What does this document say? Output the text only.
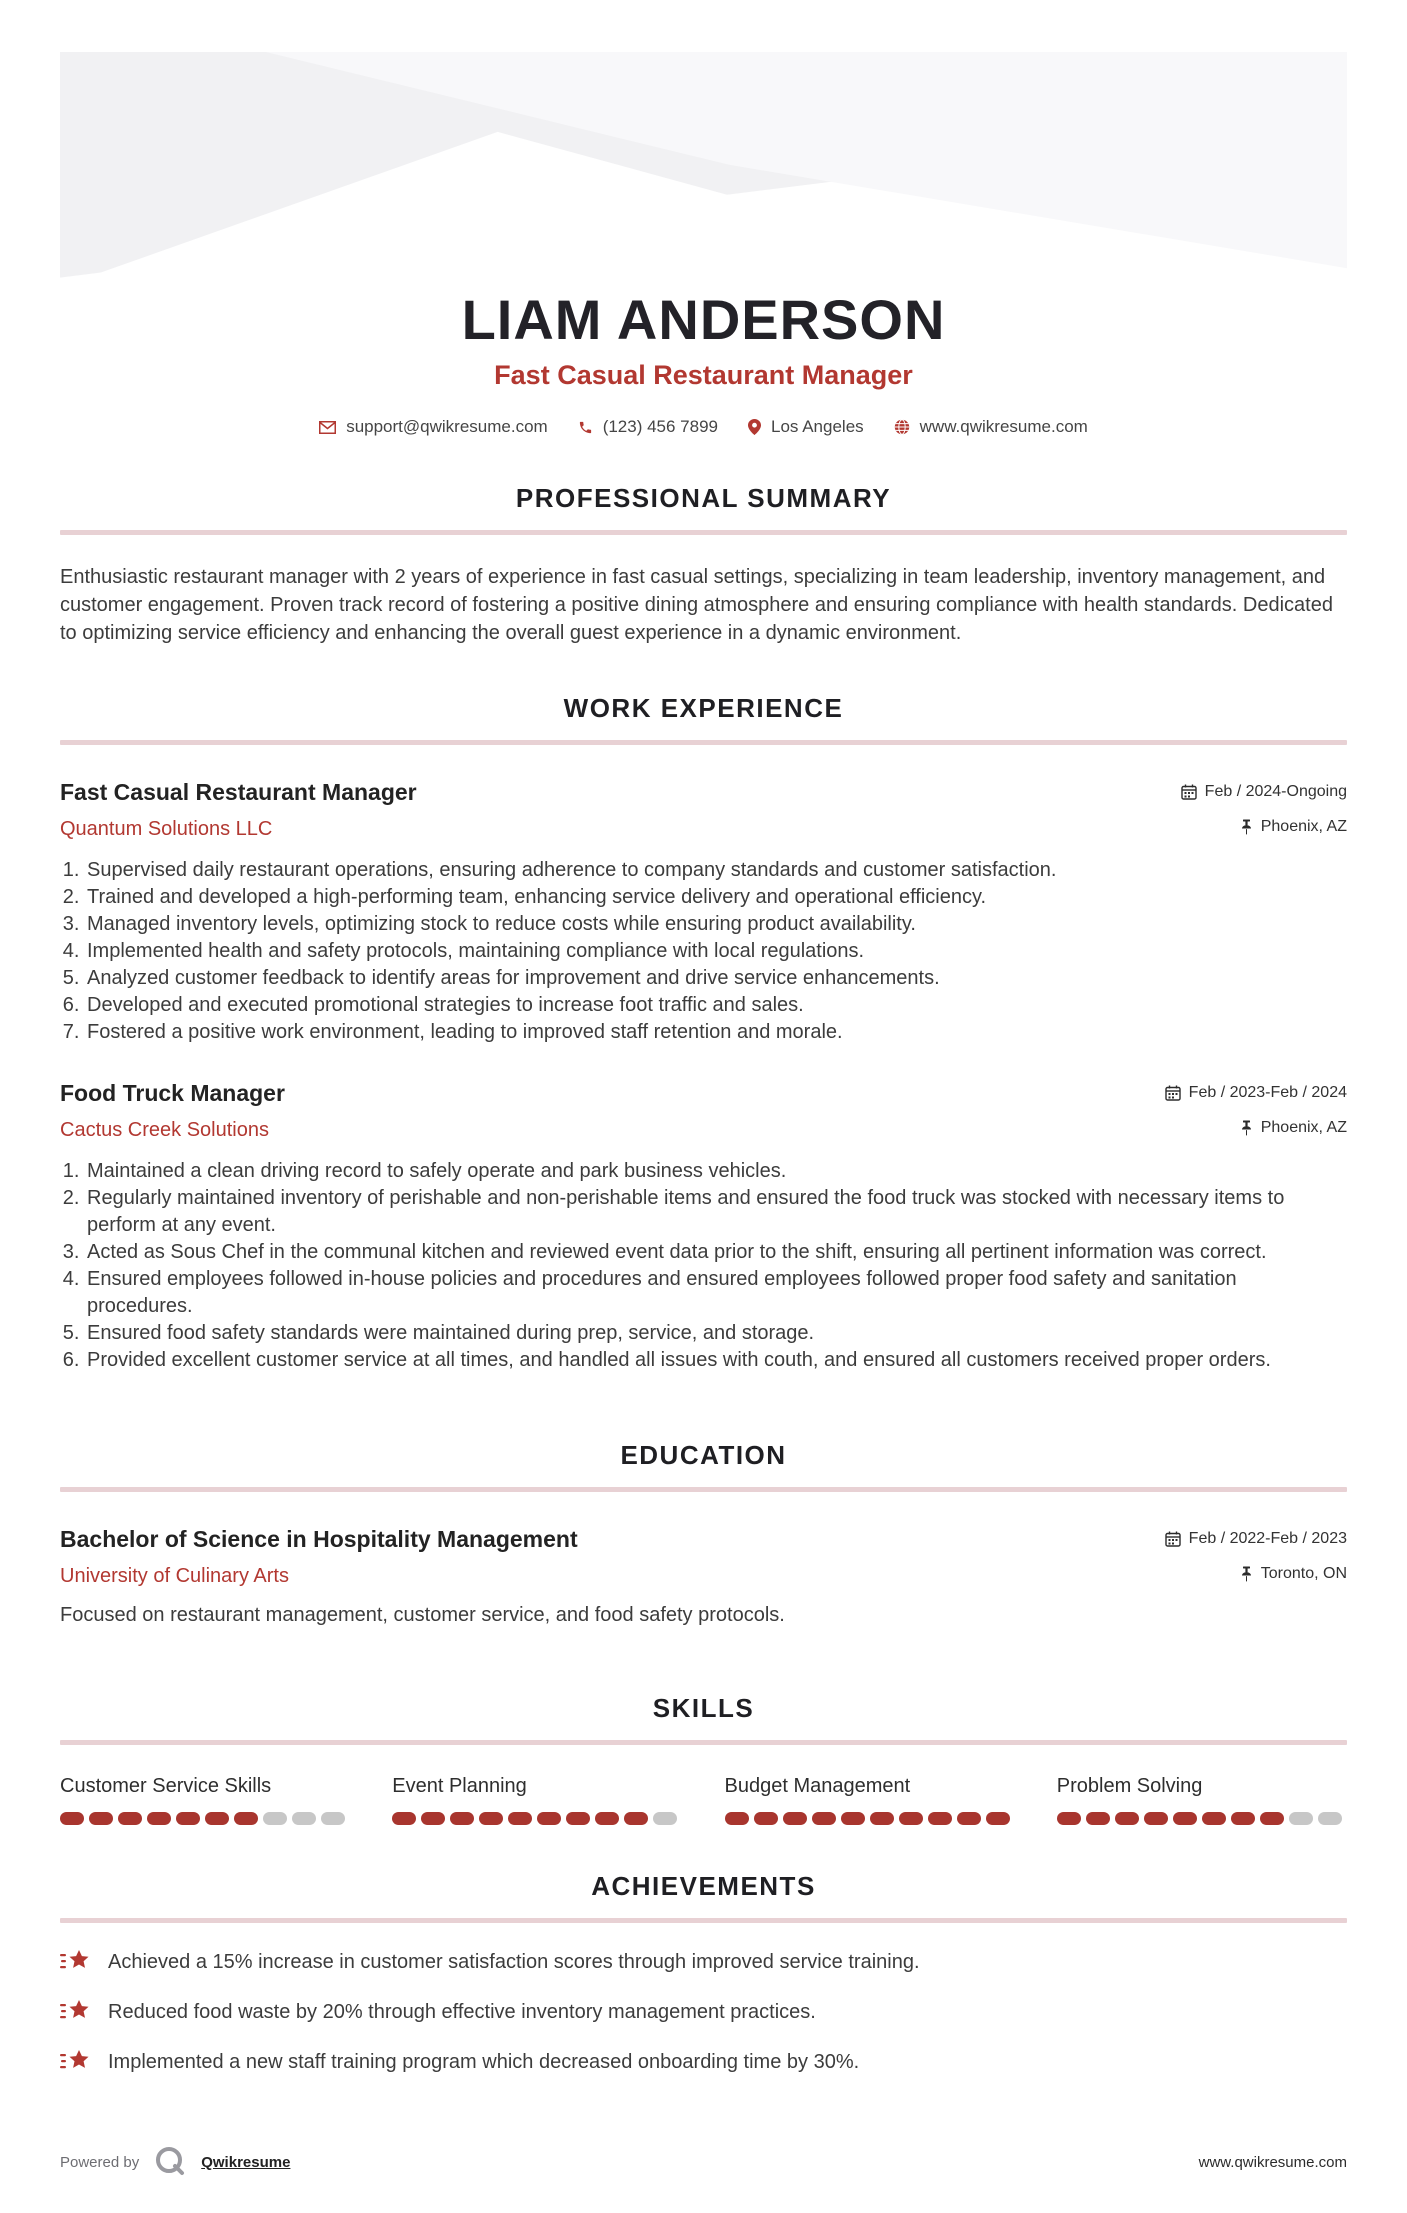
LIAM ANDERSON
Fast Casual Restaurant Manager
support@qwikresume.com	(123) 456 7899	Los Angeles	www.qwikresume.com
PROFESSIONAL SUMMARY

Enthusiastic restaurant manager with 2 years of experience in fast casual settings, specializing in team leadership, inventory management, and customer engagement. Proven track record of fostering a positive dining atmosphere and ensuring compliance with health standards. Dedicated to optimizing service efficiency and enhancing the overall guest experience in a dynamic environment.

WORK EXPERIENCE
Fast Casual Restaurant Manager	Feb / 2024-Ongoing
Quantum Solutions LLC	Phoenix, AZ
1. Supervised daily restaurant operations, ensuring adherence to company standards and customer satisfaction.
2. Trained and developed a high-performing team, enhancing service delivery and operational efficiency.
3. Managed inventory levels, optimizing stock to reduce costs while ensuring product availability.
4. Implemented health and safety protocols, maintaining compliance with local regulations.
5. Analyzed customer feedback to identify areas for improvement and drive service enhancements.
6. Developed and executed promotional strategies to increase foot traffic and sales.
7. Fostered a positive work environment, leading to improved staff retention and morale.
Food Truck Manager	Feb / 2023-Feb / 2024
Cactus Creek Solutions	Phoenix, AZ
1. Maintained a clean driving record to safely operate and park business vehicles.
2. Regularly maintained inventory of perishable and non-perishable items and ensured the food truck was stocked with necessary items to perform at any event.
3. Acted as Sous Chef in the communal kitchen and reviewed event data prior to the shift, ensuring all pertinent information was correct.
4. Ensured employees followed in-house policies and procedures and ensured employees followed proper food safety and sanitation procedures.
5. Ensured food safety standards were maintained during prep, service, and storage.
6. Provided excellent customer service at all times, and handled all issues with couth, and ensured all customers received proper orders.
EDUCATION
Bachelor of Science in Hospitality Management	Feb / 2022-Feb / 2023
University of Culinary Arts	Toronto, ON

Focused on restaurant management, customer service, and food safety protocols.

SKILLS
Customer Service Skills	Event Planning	Budget Management	Problem Solving
ACHIEVEMENTS
Achieved a 15% increase in customer satisfaction scores through improved service training.
Reduced food waste by 20% through effective inventory management practices.
Implemented a new staff training program which decreased onboarding time by 30%.
Powered by	Qwikresume	www.qwikresume.com
